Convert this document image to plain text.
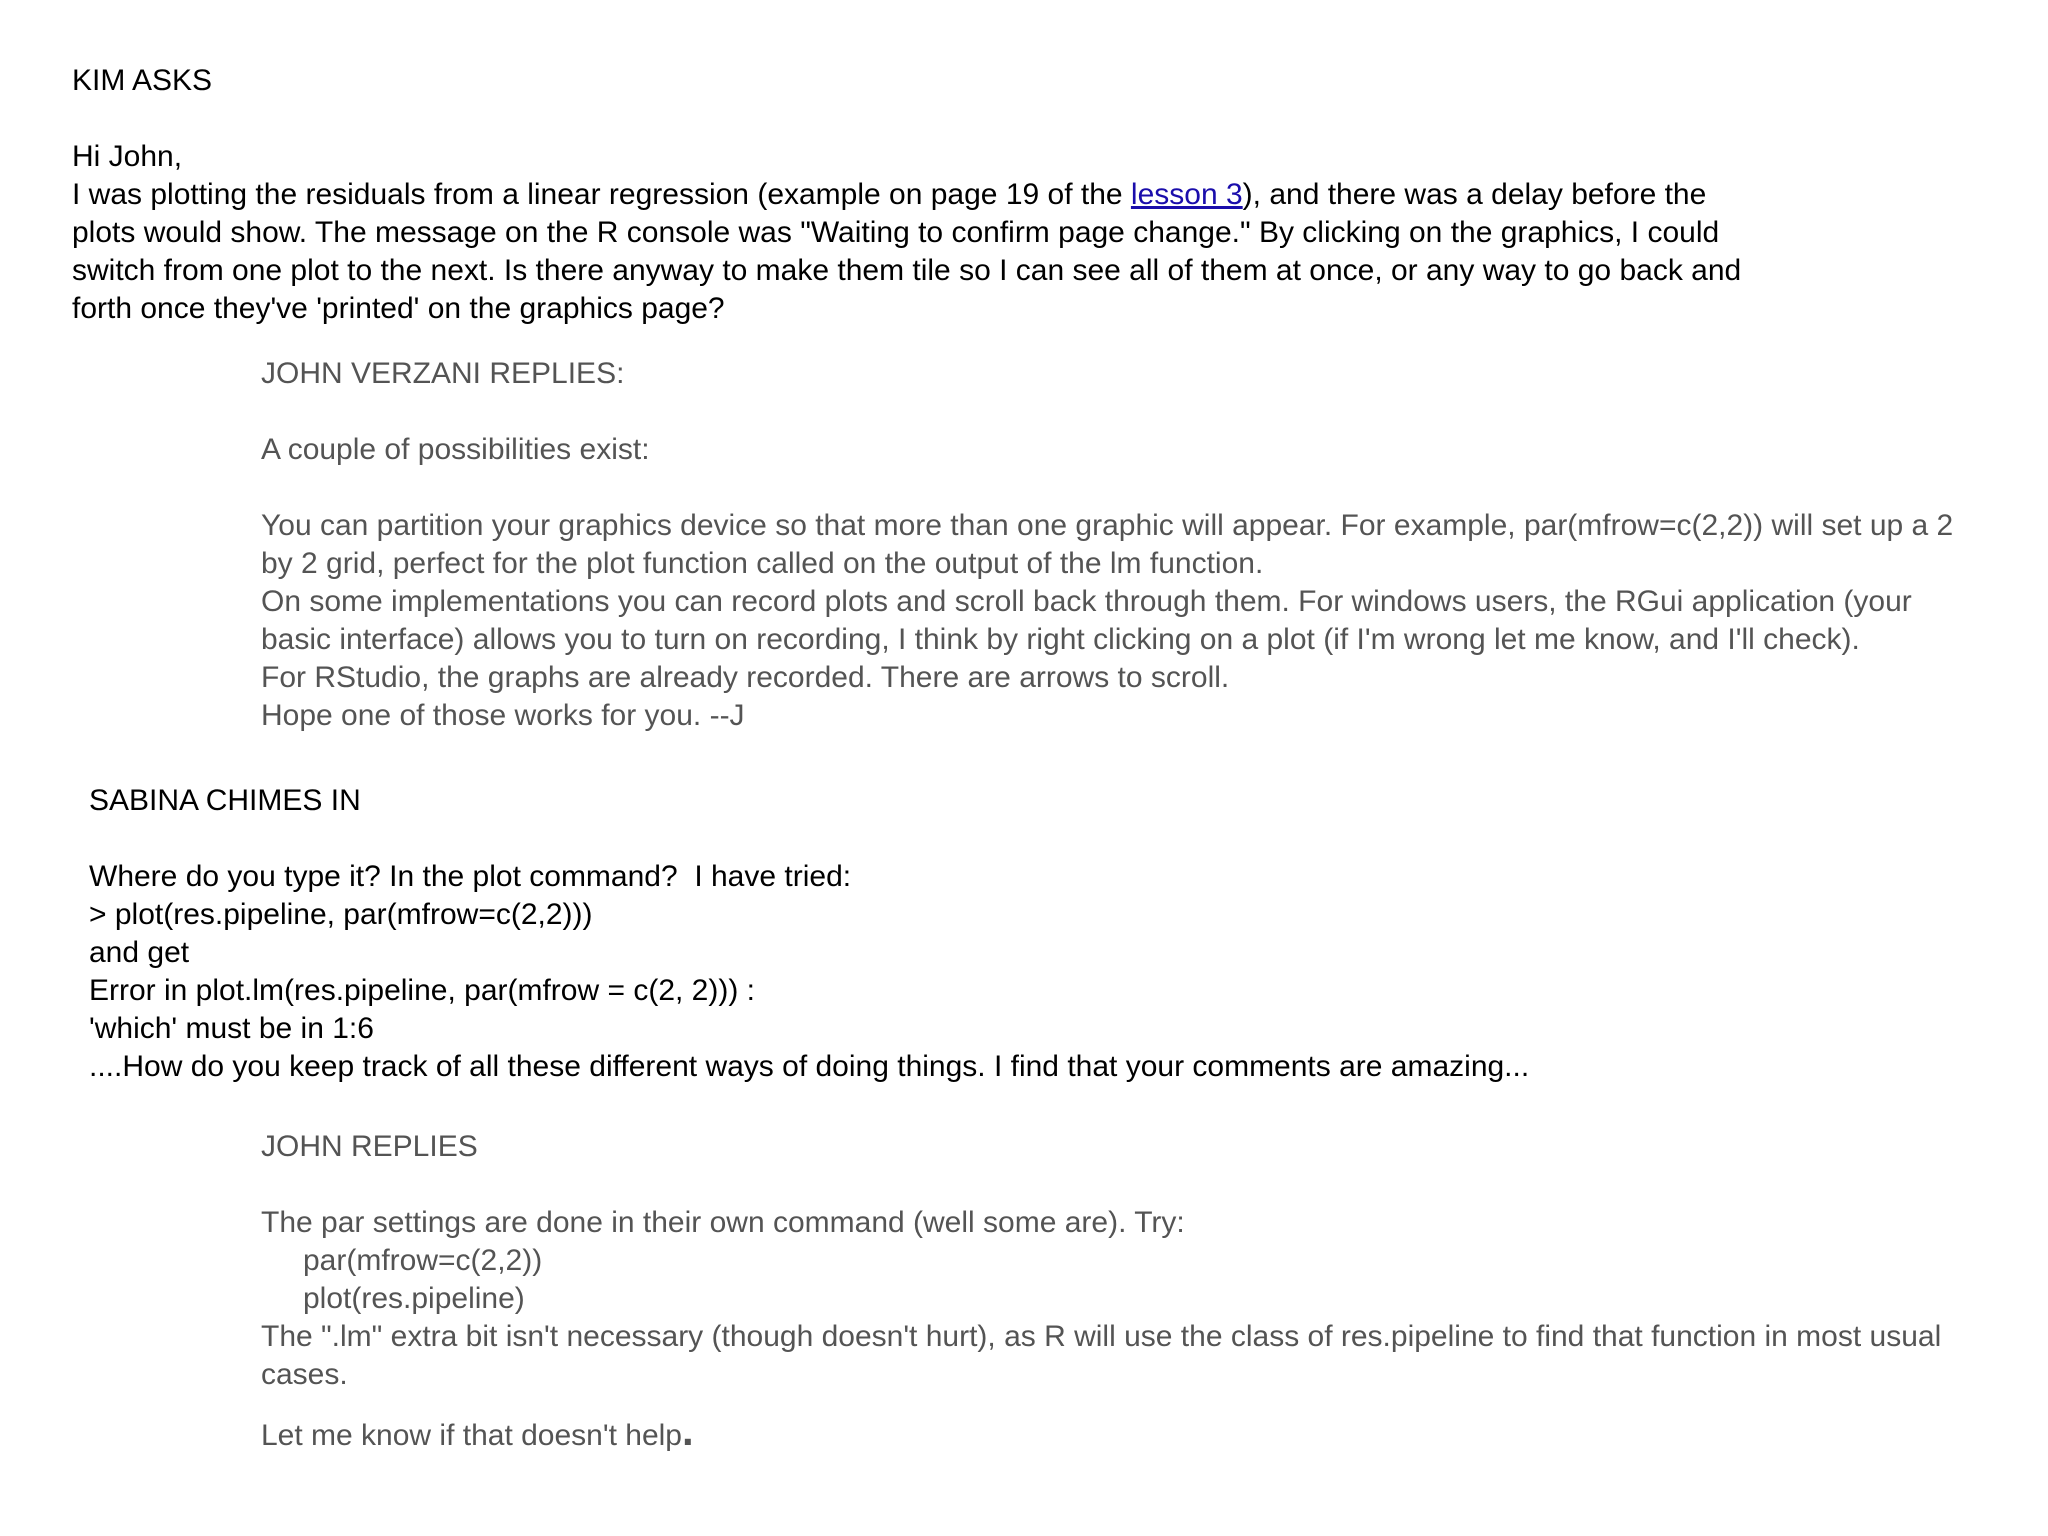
KIM ASKS

Hi John,
I was plotting the residuals from a linear regression (example on page 19 of the lesson 3), and there was a delay before the
plots would show. The message on the R console was "Waiting to confirm page change." By clicking on the graphics, I could
switch from one plot to the next. Is there anyway to make them tile so I can see all of them at once, or any way to go back and
forth once they've 'printed' on the graphics page?
JOHN VERZANI REPLIES:

A couple of possibilities exist:

You can partition your graphics device so that more than one graphic will appear. For example, par(mfrow=c(2,2)) will set up a 2
by 2 grid, perfect for the plot function called on the output of the lm function.
On some implementations you can record plots and scroll back through them. For windows users, the RGui application (your
basic interface) allows you to turn on recording, I think by right clicking on a plot (if I'm wrong let me know, and I'll check).
For RStudio, the graphs are already recorded. There are arrows to scroll.
Hope one of those works for you. --J
SABINA CHIMES IN

Where do you type it? In the plot command?  I have tried:
> plot(res.pipeline, par(mfrow=c(2,2)))
and get
Error in plot.lm(res.pipeline, par(mfrow = c(2, 2))) :
'which' must be in 1:6
....How do you keep track of all these different ways of doing things. I find that your comments are amazing...
JOHN REPLIES

The par settings are done in their own command (well some are). Try:
par(mfrow=c(2,2))
plot(res.pipeline)
The ".lm" extra bit isn't necessary (though doesn't hurt), as R will use the class of res.pipeline to find that function in most usual
cases.
Let me know if that doesn't help.
